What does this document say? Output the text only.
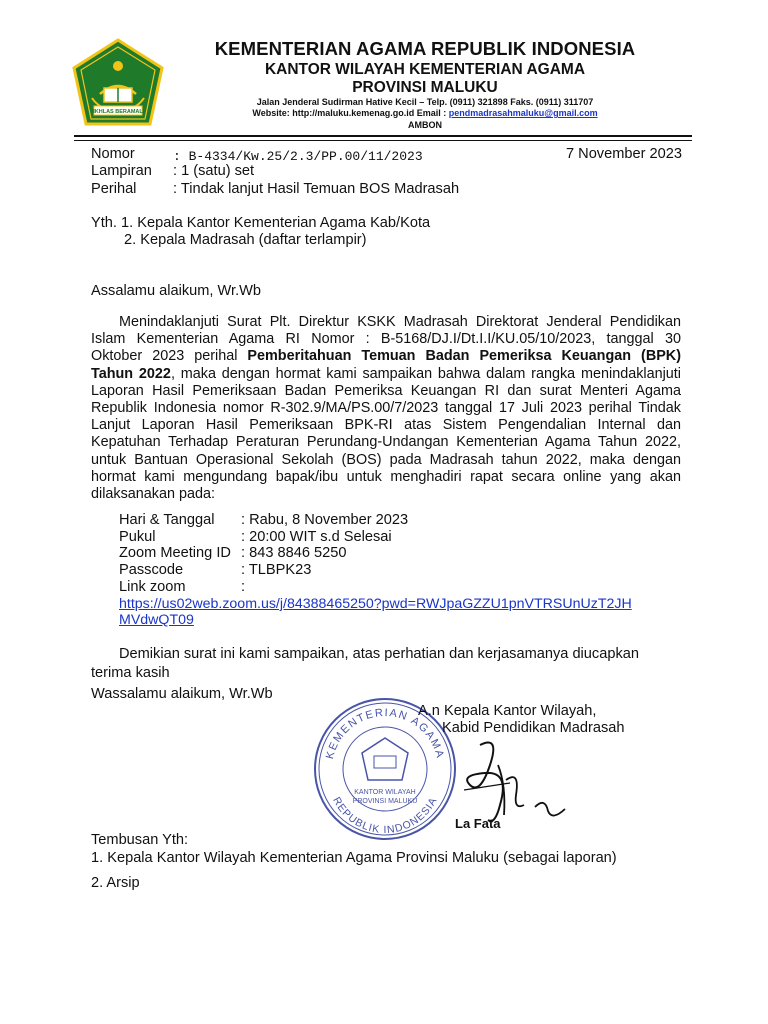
IKHLAS BERAMAL
KEMENTERIAN AGAMA REPUBLIK INDONESIA
KANTOR WILAYAH KEMENTERIAN AGAMA
PROVINSI MALUKU
Jalan Jenderal Sudirman Hative Kecil – Telp. (0911) 321898 Faks. (0911) 311707
Website: http://maluku.kemenag.go.id Email : pendmadrasahmaluku@gmail.com
AMBON
Nomor	: B-4334/Kw.25/2.3/PP.00/11/2023	7 November 2023
Lampiran : 1 (satu) set
Perihal	: Tindak lanjut Hasil Temuan BOS Madrasah
Yth. 1. Kepala Kantor Kementerian Agama Kab/Kota
2. Kepala Madrasah (daftar terlampir)
Assalamu alaikum, Wr.Wb
Menindaklanjuti Surat Plt. Direktur KSKK Madrasah Direktorat Jenderal Pendidikan
Islam Kementerian Agama RI Nomor : B-5168/DJ.I/Dt.I.I/KU.05/10/2023, tanggal 30
Oktober 2023 perihal Pemberitahuan Temuan Badan Pemeriksa Keuangan (BPK)
Tahun 2022, maka dengan hormat kami sampaikan bahwa dalam rangka menindaklanjuti
Laporan Hasil Pemeriksaan Badan Pemeriksa Keuangan RI dan surat Menteri Agama
Republik Indonesia nomor R-302.9/MA/PS.00/7/2023 tanggal 17 Juli 2023 perihal Tindak
Lanjut Laporan Hasil Pemeriksaan BPK-RI atas Sistem Pengendalian Internal dan
Kepatuhan Terhadap Peraturan Perundang-Undangan Kementerian Agama Tahun 2022,
untuk Bantuan Operasional Sekolah (BOS) pada Madrasah tahun 2022, maka dengan
hormat kami mengundang bapak/ibu untuk menghadiri rapat secara online yang akan
dilaksanakan pada:
Hari & Tanggal : Rabu, 8 November 2023
Pukul	: 20:00 WIT s.d Selesai
Zoom Meeting ID : 843 8846 5250
Passcode	: TLBPK23
Link zoom	:
https://us02web.zoom.us/j/84388465250?pwd=RWJpaGZZU1pnVTRSUnUzT2JH
MVdwQT09
Demikian surat ini kami sampaikan, atas perhatian dan kerjasamanya diucapkan
terima kasih
Wassalamu alaikum, Wr.Wb
KEMENTERIAN AGAMA
REPUBLIK INDONESIA
KANTOR WILAYAH
PROVINSI MALUKU
A.n Kepala Kantor Wilayah,
Kabid Pendidikan Madrasah
La Fata
Tembusan Yth:
1. Kepala Kantor Wilayah Kementerian Agama Provinsi Maluku (sebagai laporan)
2. Arsip
